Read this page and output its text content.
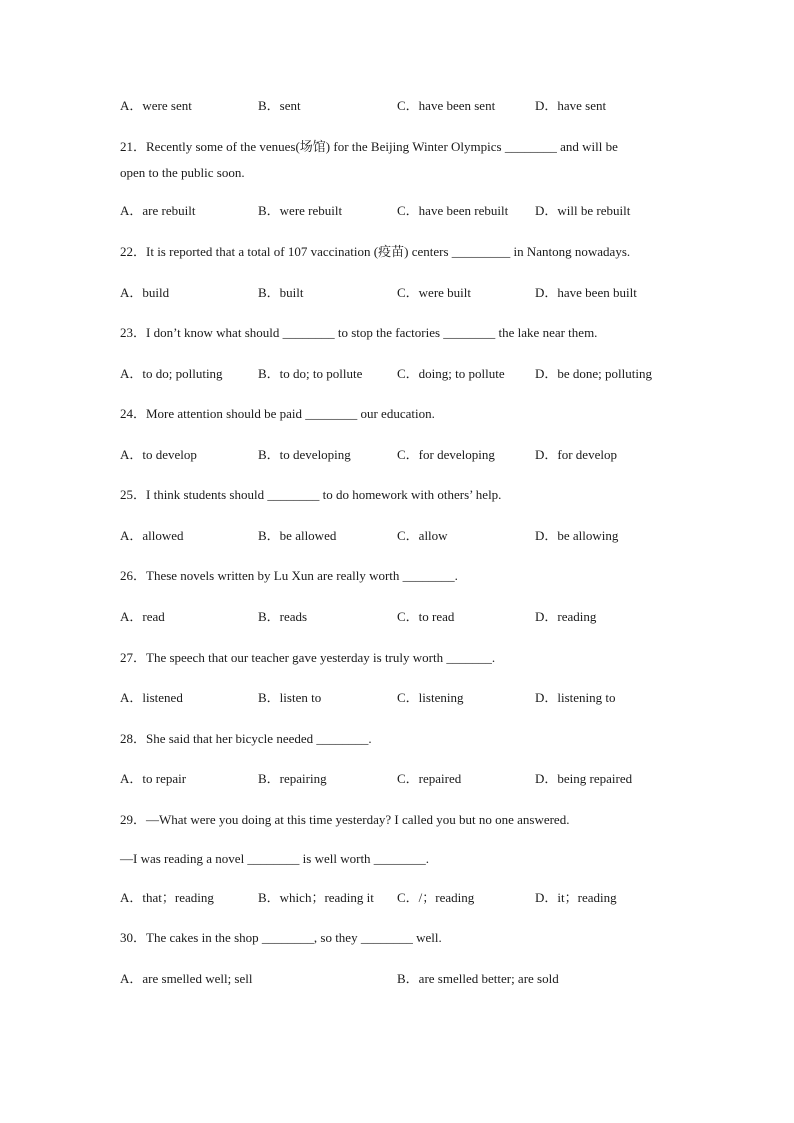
A．were sent	B．sent	C．have been sent	D．have sent
21．Recently some of the venues(场馆) for the Beijing Winter Olympics ________ and will be
open to the public soon.
A．are rebuilt	B．were rebuilt	C．have been rebuilt D．will be rebuilt
22．It is reported that a total of 107 vaccination (疫苗) centers _________ in Nantong nowadays.
A．build	B．built	C．were built	D．have been built
23．I don’t know what should ________ to stop the factories ________ the lake near them.
A．to do; polluting	B．to do; to pollute	C．doing; to pollute D．be done; polluting
24．More attention should be paid ________ our education.
A．to develop	B．to developing	C．for developing	D．for develop
25．I think students should ________ to do homework with others’ help.
A．allowed	B．be allowed	C．allow	D．be allowing
26．These novels written by Lu Xun are really worth ________.
A．read	B．reads	C．to read	D．reading
27．The speech that our teacher gave yesterday is truly worth _______.
A．listened	B．listen to	C．listening	D．listening to
28．She said that her bicycle needed ________.
A．to repair	B．repairing	C．repaired	D．being repaired
29．—What were you doing at this time yesterday? I called you but no one answered.
—I was reading a novel ________ is well worth ________.
A．that；reading	B．which；reading it C．/；reading	D．it；reading
30．The cakes in the shop ________, so they ________ well.
A．are smelled well; sell	B．are smelled better; are sold
